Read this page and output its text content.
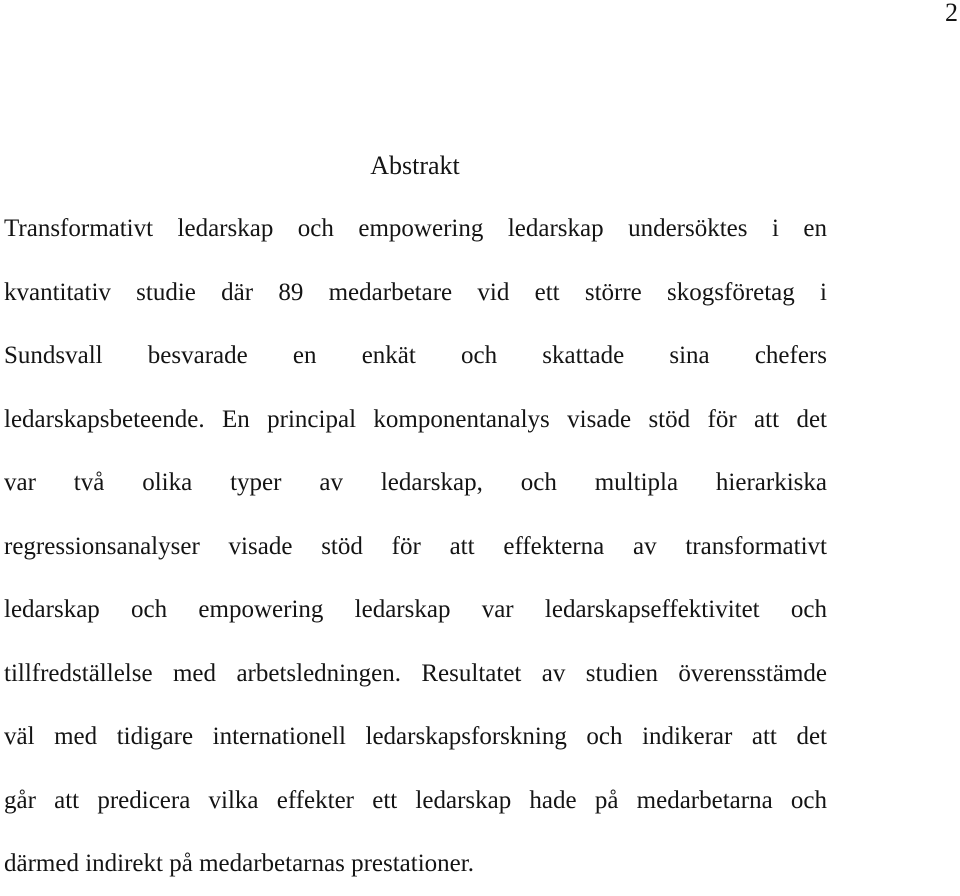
2
Abstrakt
Transformativt ledarskap och empowering ledarskap undersöktes i en
kvantitativ studie där 89 medarbetare vid ett större skogsföretag i
Sundsvall besvarade en enkät och skattade sina chefers
ledarskapsbeteende. En principal komponentanalys visade stöd för att det
var två olika typer av ledarskap, och multipla hierarkiska
regressionsanalyser visade stöd för att effekterna av transformativt
ledarskap och empowering ledarskap var ledarskapseffektivitet och
tillfredställelse med arbetsledningen. Resultatet av studien överensstämde
väl med tidigare internationell ledarskapsforskning och indikerar att det
går att predicera vilka effekter ett ledarskap hade på medarbetarna och
därmed indirekt på medarbetarnas prestationer.
